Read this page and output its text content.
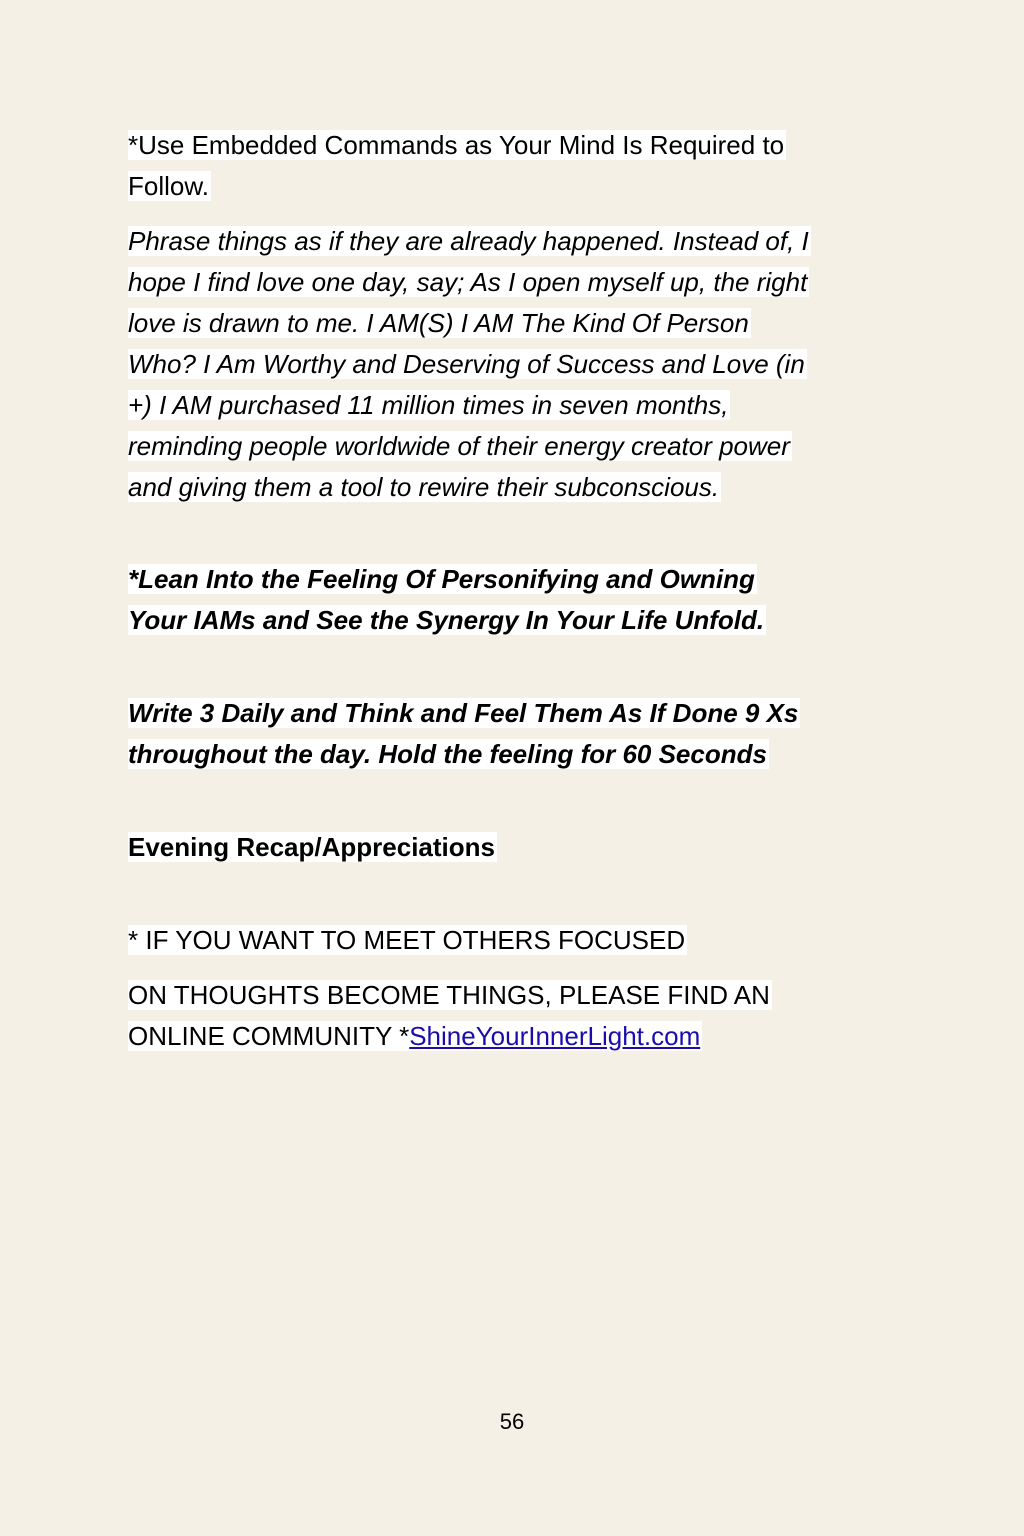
*Use Embedded Commands as Your Mind Is Required to
Follow.
Phrase things as if they are already happened. Instead of, I
hope I find love one day, say; As I open myself up, the right
love is drawn to me. I AM(S) I AM The Kind Of Person
Who? I Am Worthy and Deserving of Success and Love (in
+) I AM purchased 11 million times in seven months,
reminding people worldwide of their energy creator power
and giving them a tool to rewire their subconscious.
*Lean Into the Feeling Of Personifying and Owning
Your IAMs and See the Synergy In Your Life Unfold.
Write 3 Daily and Think and Feel Them As If Done 9 Xs
throughout the day. Hold the feeling for 60 Seconds
Evening Recap/Appreciations
* IF YOU WANT TO MEET OTHERS FOCUSED
ON THOUGHTS BECOME THINGS, PLEASE FIND AN
ONLINE COMMUNITY *ShineYourInnerLight.com
56
